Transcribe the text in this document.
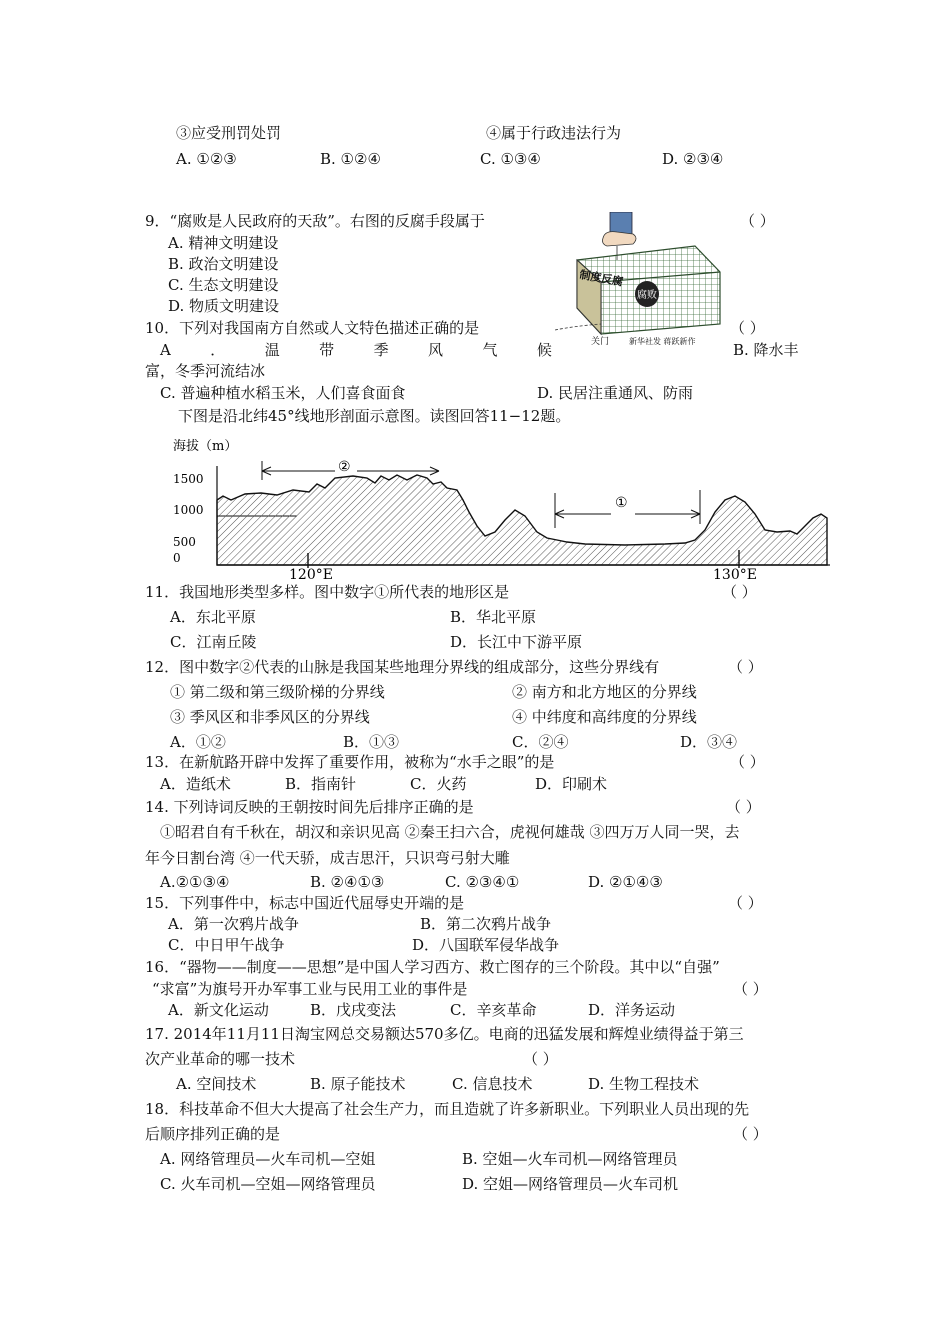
③应受刑罚处罚	④属于行政违法行为
A. ①②③	B. ①②④	C. ①③④	D. ②③④
9．“腐败是人民政府的天敌”。右图的反腐手段属于	（ ）
A. 精神文明建设
B. 政治文明建设
C. 生态文明建设
D. 物质文明建设
制度反腐
腐败
关门 新华社发 蒋跃新作
10．下列对我国南方自然或人文特色描述正确的是	（ ）
A	．	温	带	季	风	气	候	B. 降水丰
富，冬季河流结冰
C. 普遍种植水稻玉米，人们喜食面食	D. 民居注重通风、防雨
下图是沿北纬45°线地形剖面示意图。读图回答11−12题。
海拔（m）
1500
1000
500
0
120°E	130°E
②
①
11．我国地形类型多样。图中数字①所代表的地形区是	（ ）
A．东北平原	B．华北平原
C．江南丘陵	D．长江中下游平原
12．图中数字②代表的山脉是我国某些地理分界线的组成部分，这些分界线有	（ ）
① 第二级和第三级阶梯的分界线	② 南方和北方地区的分界线
③ 季风区和非季风区的分界线	④ 中纬度和高纬度的分界线
A．①②	B．①③	C．②④	D．③④
13．在新航路开辟中发挥了重要作用，被称为“水手之眼”的是	（ ）
A．造纸术	B．指南针	C．火药	D．印刷术
14. 下列诗词反映的王朝按时间先后排序正确的是	（ ）
①昭君自有千秋在，胡汉和亲识见高 ②秦王扫六合，虎视何雄哉 ③四万万人同一哭，去
年今日割台湾 ④一代天骄，成吉思汗，只识弯弓射大雕
A.②①③④	B. ②④①③	C. ②③④①	D. ②①④③
15．下列事件中，标志中国近代屈辱史开端的是	（ ）
A．第一次鸦片战争	B．第二次鸦片战争
C．中日甲午战争	D．八国联军侵华战争
16．“器物——制度——思想”是中国人学习西方、救亡图存的三个阶段。其中以“自强”
“求富”为旗号开办军事工业与民用工业的事件是	（ ）
A．新文化运动	B．戊戌变法	C．辛亥革命	D．洋务运动
17. 2014年11月11日淘宝网总交易额达570多亿。电商的迅猛发展和辉煌业绩得益于第三
次产业革命的哪一技术	（ ）
A. 空间技术	B. 原子能技术	C. 信息技术	D. 生物工程技术
18．科技革命不但大大提高了社会生产力，而且造就了许多新职业。下列职业人员出现的先
后顺序排列正确的是	（ ）
A. 网络管理员—火车司机—空姐	B. 空姐—火车司机—网络管理员
C. 火车司机—空姐—网络管理员	D. 空姐—网络管理员—火车司机
